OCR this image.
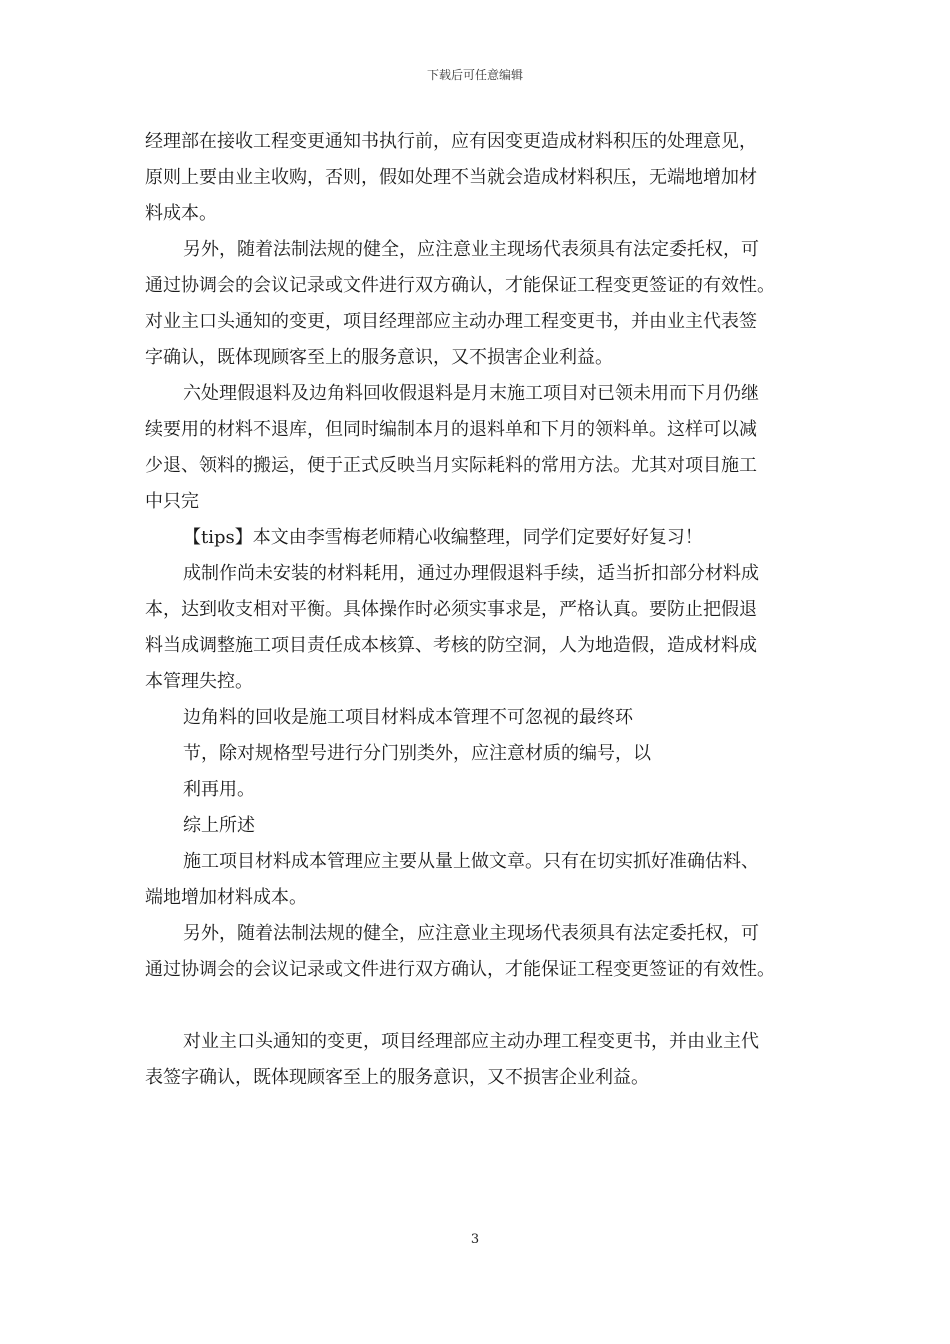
下载后可任意编辑
经理部在接收工程变更通知书执行前，应有因变更造成材料积压的处理意见，
原则上要由业主收购，否则，假如处理不当就会造成材料积压，无端地增加材
料成本。
另外，随着法制法规的健全，应注意业主现场代表须具有法定委托权，可
通过协调会的会议记录或文件进行双方确认，才能保证工程变更签证的有效性。
对业主口头通知的变更，项目经理部应主动办理工程变更书，并由业主代表签
字确认，既体现顾客至上的服务意识，又不损害企业利益。
六处理假退料及边角料回收假退料是月末施工项目对已领未用而下月仍继
续要用的材料不退库，但同时编制本月的退料单和下月的领料单。这样可以减
少退、领料的搬运，便于正式反映当月实际耗料的常用方法。尤其对项目施工
中只完
【tips】本文由李雪梅老师精心收编整理，同学们定要好好复习！
成制作尚未安装的材料耗用，通过办理假退料手续，适当折扣部分材料成
本，达到收支相对平衡。具体操作时必须实事求是，严格认真。要防止把假退
料当成调整施工项目责任成本核算、考核的防空洞，人为地造假，造成材料成
本管理失控。
边角料的回收是施工项目材料成本管理不可忽视的最终环
节，除对规格型号进行分门别类外，应注意材质的编号，以
利再用。
综上所述
施工项目材料成本管理应主要从量上做文章。只有在切实抓好准确估料、
端地增加材料成本。
另外，随着法制法规的健全，应注意业主现场代表须具有法定委托权，可
通过协调会的会议记录或文件进行双方确认，才能保证工程变更签证的有效性。
对业主口头通知的变更，项目经理部应主动办理工程变更书，并由业主代
表签字确认，既体现顾客至上的服务意识，又不损害企业利益。
3
